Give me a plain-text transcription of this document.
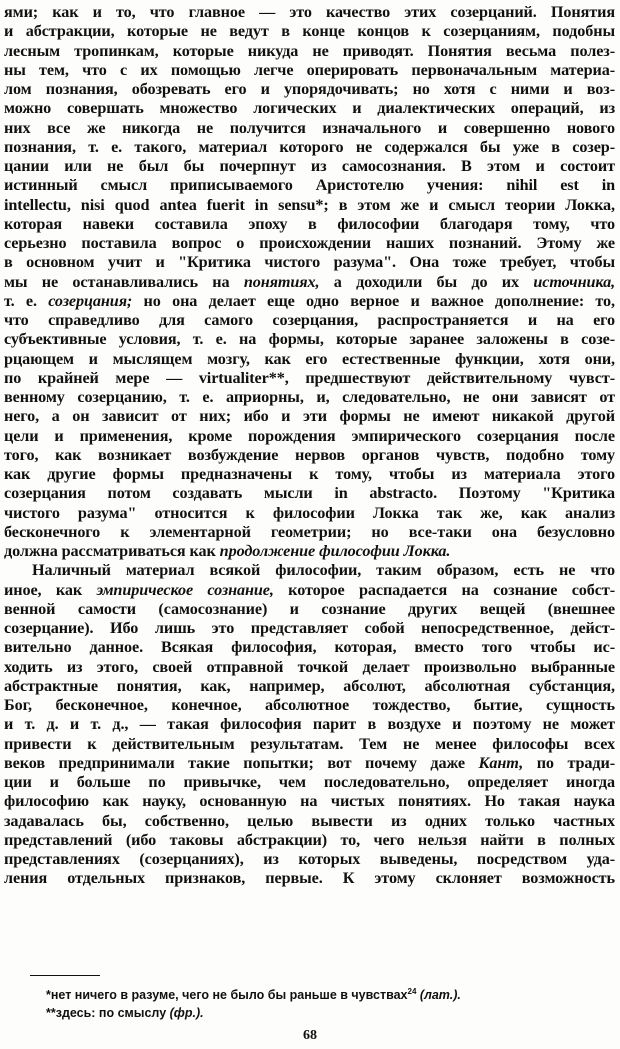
ями; как и то, что главное — это качество этих созерцаний. Понятия
и абстракции, которые не ведут в конце концов к созерцаниям, подобны
лесным тропинкам, которые никуда не приводят. Понятия весьма полез-
ны тем, что с их помощью легче оперировать первоначальным материа-
лом познания, обозревать его и упорядочивать; но хотя с ними и воз-
можно совершать множество логических и диалектических операций, из
них все же никогда не получится изначального и совершенно нового
познания, т. е. такого, материал которого не содержался бы уже в созер-
цании или не был бы почерпнут из самосознания. В этом и состоит
истинный смысл приписываемого Аристотелю учения: nihil est in
intellectu, nisi quod antea fuerit in sensu*; в этом же и смысл теории Локка,
которая навеки составила эпоху в философии благодаря тому, что
серьезно поставила вопрос о происхождении наших познаний. Этому же
в основном учит и "Критика чистого разума". Она тоже требует, чтобы
мы не останавливались на понятиях, а доходили бы до их источника,
т. е. созерцания; но она делает еще одно верное и важное дополнение: то,
что справедливо для самого созерцания, распространяется и на его
субъективные условия, т. е. на формы, которые заранее заложены в созе-
рцающем и мыслящем мозгу, как его естественные функции, хотя они,
по крайней мере — virtualiter**, предшествуют действительному чувст-
венному созерцанию, т. е. априорны, и, следовательно, не они зависят от
него, а он зависит от них; ибо и эти формы не имеют никакой другой
цели и применения, кроме порождения эмпирического созерцания после
того, как возникает возбуждение нервов органов чувств, подобно тому
как другие формы предназначены к тому, чтобы из материала этого
созерцания потом создавать мысли in abstracto. Поэтому "Критика
чистого разума" относится к философии Локка так же, как анализ
бесконечного к элементарной геометрии; но все-таки она безусловно
должна рассматриваться как продолжение философии Локка.
Наличный материал всякой философии, таким образом, есть не что
иное, как эмпирическое сознание, которое распадается на сознание собст-
венной самости (самосознание) и сознание других вещей (внешнее
созерцание). Ибо лишь это представляет собой непосредственное, дейст-
вительно данное. Всякая философия, которая, вместо того чтобы ис-
ходить из этого, своей отправной точкой делает произвольно выбранные
абстрактные понятия, как, например, абсолют, абсолютная субстанция,
Бог, бесконечное, конечное, абсолютное тождество, бытие, сущность
и т. д. и т. д., — такая философия парит в воздухе и поэтому не может
привести к действительным результатам. Тем не менее философы всех
веков предпринимали такие попытки; вот почему даже Кант, по тради-
ции и больше по привычке, чем последовательно, определяет иногда
философию как науку, основанную на чистых понятиях. Но такая наука
задавалась бы, собственно, целью вывести из одних только частных
представлений (ибо таковы абстракции) то, чего нельзя найти в полных
представлениях (созерцаниях), из которых выведены, посредством уда-
ления отдельных признаков, первые. К этому склоняет возможность
*нет ничего в разуме, чего не было бы раньше в чувствах$^{24}$ (лат.).
**здесь: по смыслу (фр.).
68
